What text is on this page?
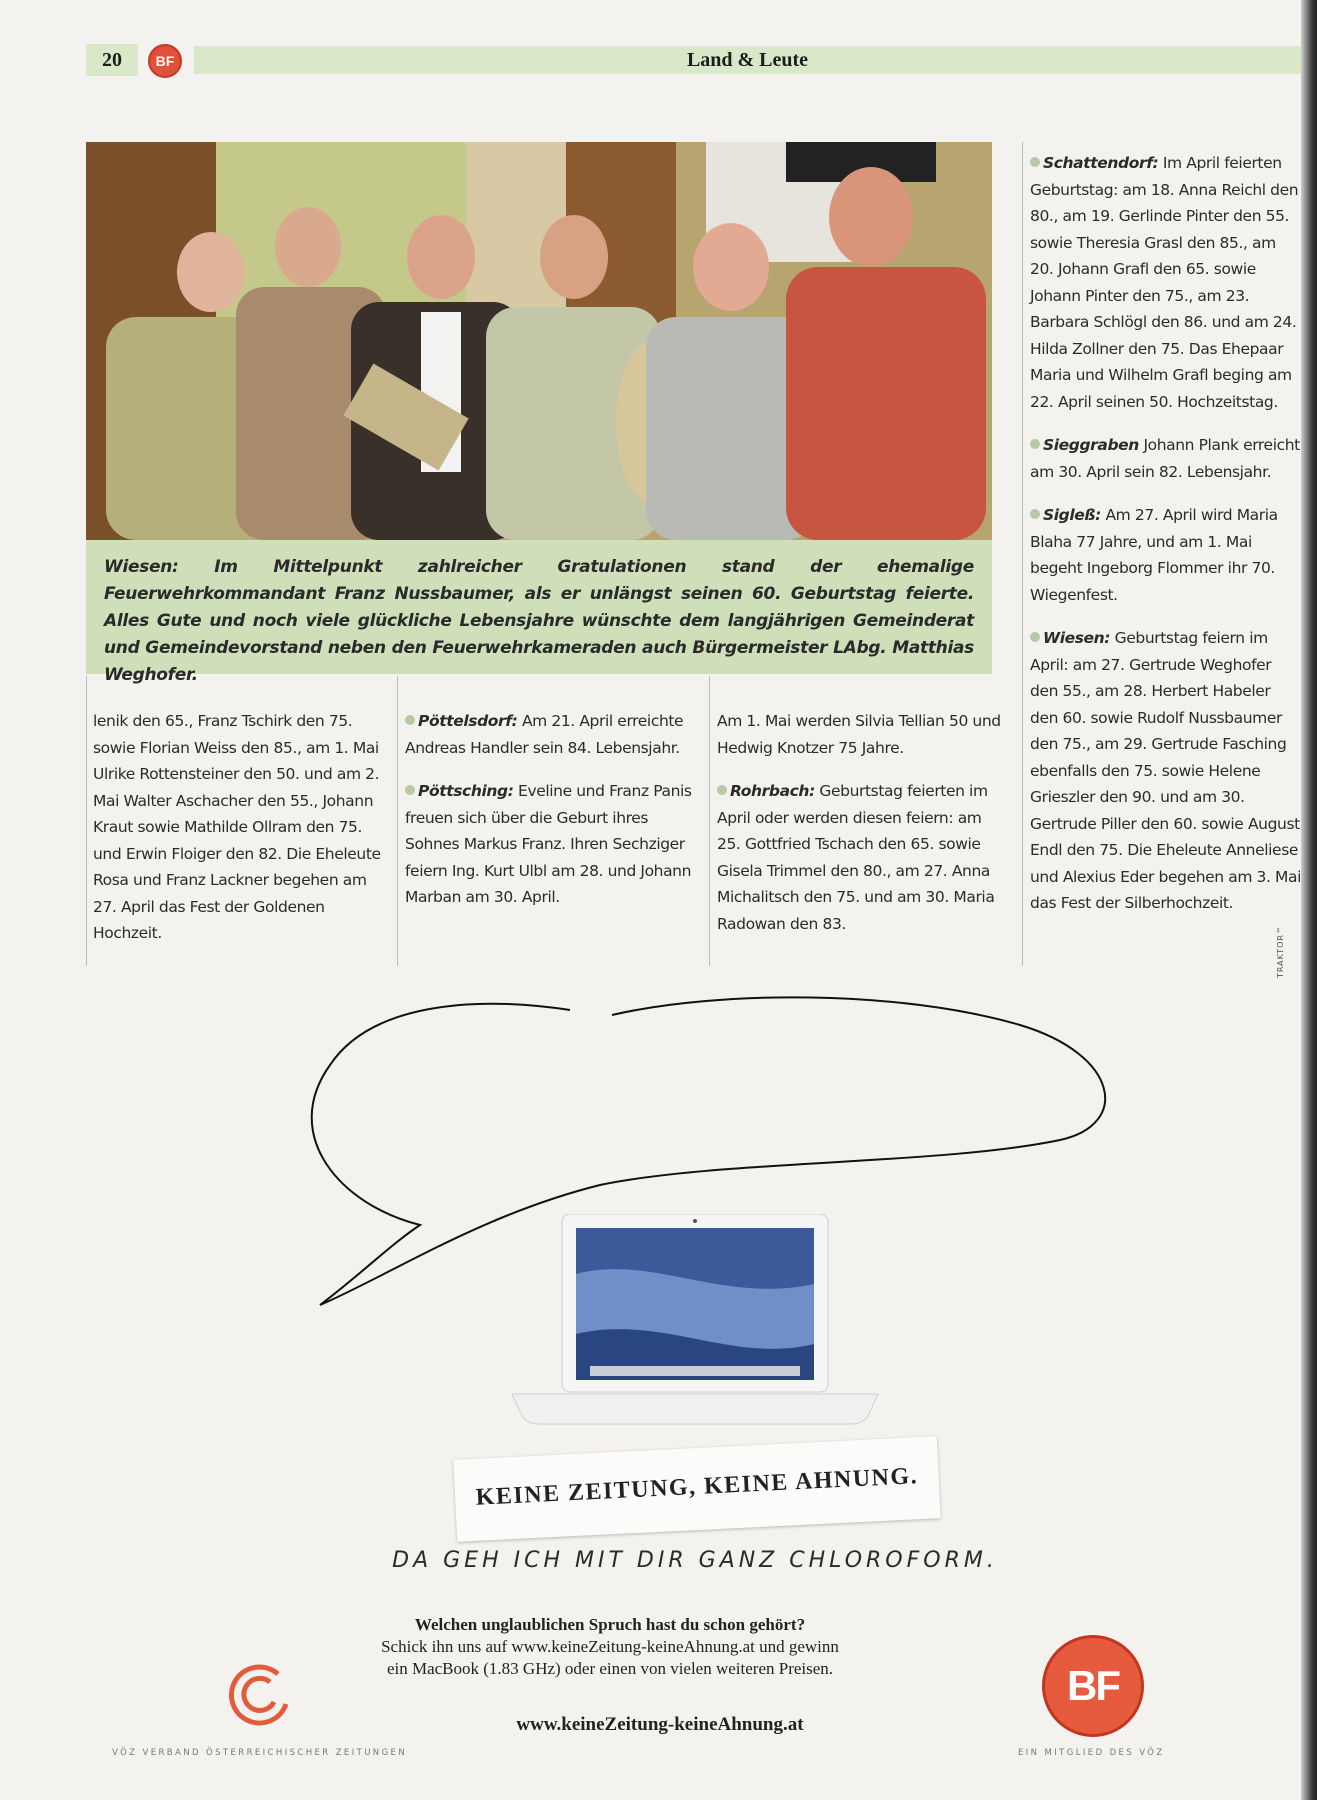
20	BF	Land & Leute
Wiesen: Im Mittelpunkt zahlreicher Gratulationen stand der ehemalige Feuerwehrkommandant Franz Nussbaumer, als er unlängst seinen 60. Geburtstag feierte. Alles Gute und noch viele glückliche Lebensjahre wünschte dem langjährigen Gemeinderat und Gemeindevorstand neben den Feuerwehrkameraden auch Bürgermeister LAbg. Matthias Weghofer.

lenik den 65., Franz Tschirk den 75. sowie Florian Weiss den 85., am 1. Mai Ulrike Rottensteiner den 50. und am 2. Mai Walter Aschacher den 55., Johann Kraut sowie Mathilde Ollram den 75. und Erwin Floiger den 82. Die Eheleute Rosa und Franz Lackner begehen am 27. April das Fest der Goldenen Hochzeit.

Pöttelsdorf: Am 21. April erreichte Andreas Handler sein 84. Lebensjahr.

Pöttsching: Eveline und Franz Panis freuen sich über die Geburt ihres Sohnes Markus Franz. Ihren Sechziger feiern Ing. Kurt Ulbl am 28. und Johann Marban am 30. April.

Am 1. Mai werden Silvia Tellian 50 und Hedwig Knotzer 75 Jahre.

Rohrbach: Geburtstag feierten im April oder werden diesen feiern: am 25. Gottfried Tschach den 65. sowie Gisela Trimmel den 80., am 27. Anna Michalitsch den 75. und am 30. Maria Radowan den 83.

Schattendorf: Im April feierten Geburtstag: am 18. Anna Reichl den 80., am 19. Gerlinde Pinter den 55. sowie Theresia Grasl den 85., am 20. Johann Grafl den 65. sowie Johann Pinter den 75., am 23. Barbara Schlögl den 86. und am 24. Hilda Zollner den 75. Das Ehepaar Maria und Wilhelm Grafl beging am 22. April seinen 50. Hochzeitstag.

Sieggraben Johann Plank erreicht am 30. April sein 82. Lebensjahr.

Sigleß: Am 27. April wird Maria Blaha 77 Jahre, und am 1. Mai begeht Ingeborg Flommer ihr 70. Wiegenfest.

Wiesen: Geburtstag feiern im April: am 27. Gertrude Weghofer den 55., am 28. Herbert Habeler den 60. sowie Rudolf Nussbaumer den 75., am 29. Gertrude Fasching ebenfalls den 75. sowie Helene Grieszler den 90. und am 30. Gertrude Piller den 60. sowie August Endl den 75. Die Eheleute Anneliese und Alexius Eder begehen am 3. Mai das Fest der Silberhochzeit.

KEINE ZEITUNG, KEINE AHNUNG.
DA GEH ICH MIT DIR GANZ CHLOROFORM.
Welchen unglaublichen Spruch hast du schon gehört?
Schick ihn uns auf www.keineZeitung-keineAhnung.at und gewinn
ein MacBook (1.83 GHz) oder einen von vielen weiteren Preisen.
www.keineZeitung-keineAhnung.at
VÖZ VERBAND ÖSTERREICHISCHER ZEITUNGEN
BF
EIN MITGLIED DES VÖZ
TRAKTOR™
